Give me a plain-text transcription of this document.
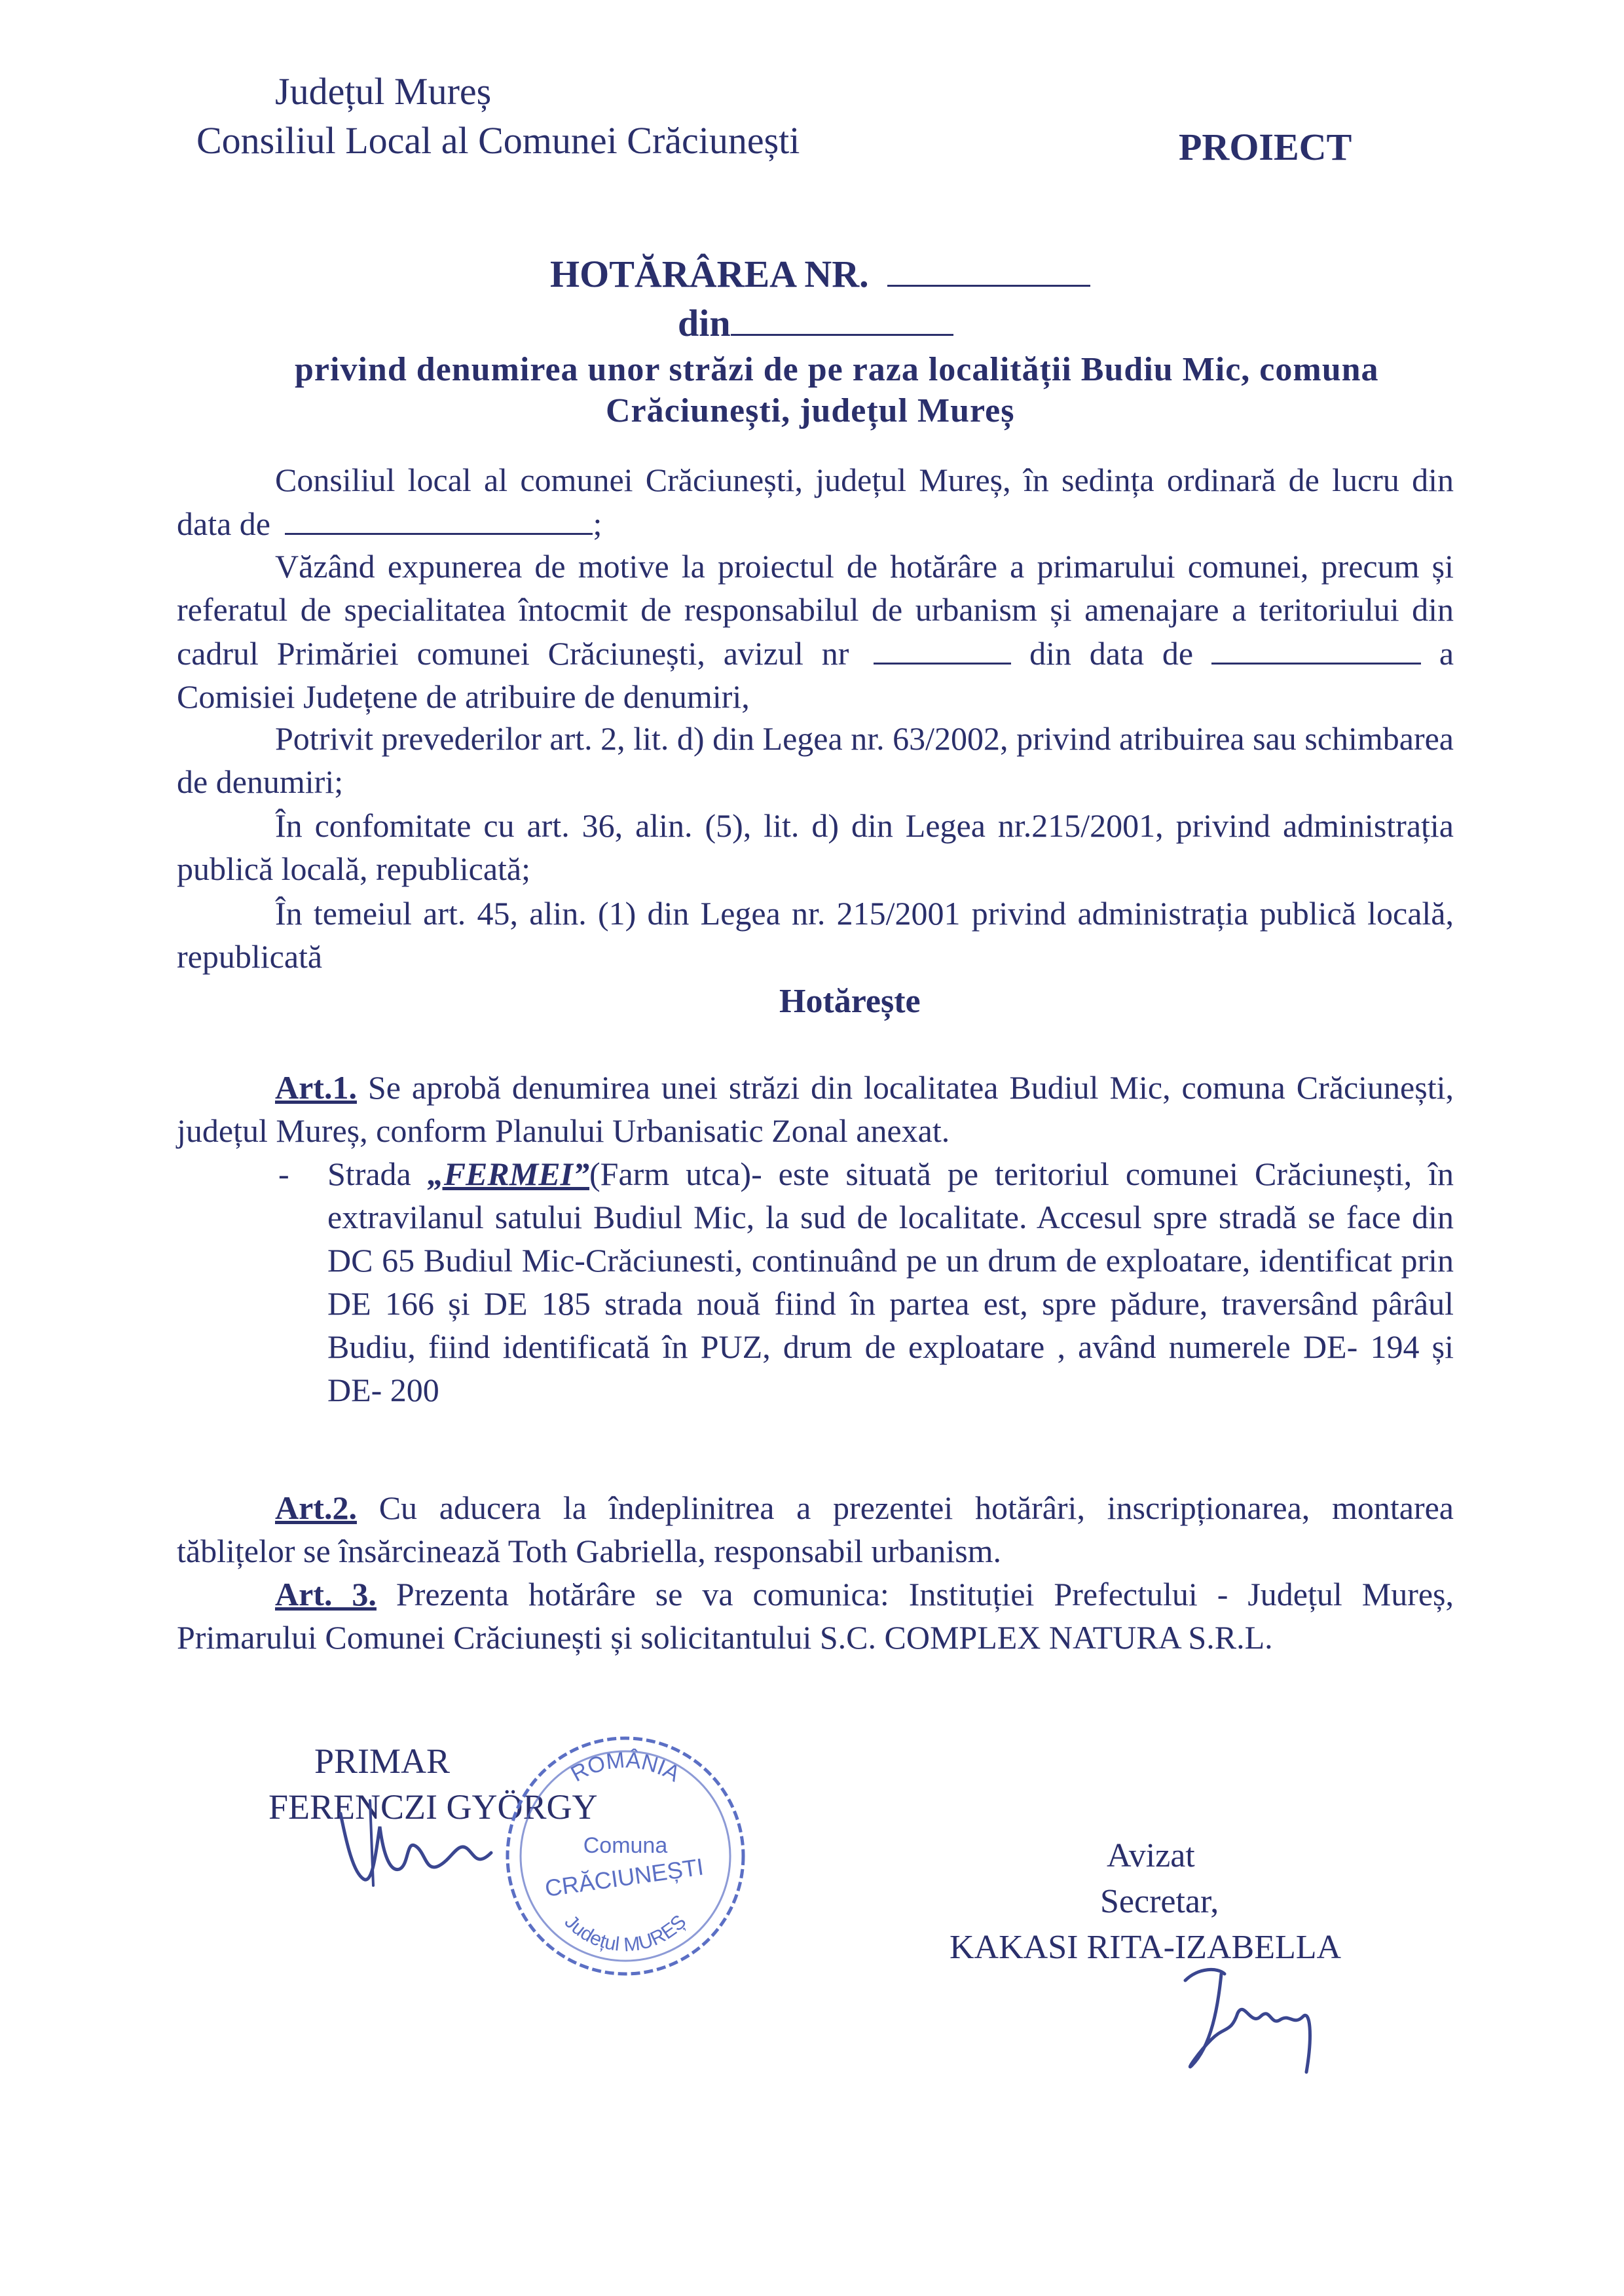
Județul Mureș
Consiliul Local al Comunei Crăciunești	PROIECT
HOTĂRÂREA NR.
din
privind denumirea unor străzi de pe raza localității Budiu Mic, comuna
Crăciunești, județul Mureș
Consiliul local al comunei Crăciunești, județul Mureș, în sedința ordinară de lucru din data de	;
Văzând expunerea de motive la proiectul de hotărâre a primarului comunei, precum și referatul de specialitatea întocmit de responsabilul de urbanism și amenajare a teritoriului din cadrul Primăriei comunei Crăciunești, avizul nr	din data de	a Comisiei Județene de atribuire de denumiri,
Potrivit prevederilor art. 2, lit. d) din Legea nr. 63/2002, privind atribuirea sau schimbarea de denumiri;
În confomitate cu art. 36, alin. (5), lit. d) din Legea nr.215/2001, privind administrația publică locală, republicată;
În temeiul art. 45, alin. (1) din Legea nr. 215/2001 privind administrația publică locală, republicată
Hotărește
Art.1. Se aprobă denumirea unei străzi din localitatea Budiul Mic, comuna Crăciunești, județul Mureș, conform Planului Urbanisatic Zonal anexat.
- Strada „FERMEI”(Farm utca)- este situată pe teritoriul comunei Crăciunești, în extravilanul satului Budiul Mic, la sud de localitate. Accesul spre stradă se face din DC 65 Budiul Mic-Crăciunesti, continuând pe un drum de exploatare, identificat prin DE 166 și DE 185 strada nouă fiind în partea est, spre pădure, traversând pârâul Budiu, fiind identificată în PUZ, drum de exploatare , având numerele DE- 194 și DE- 200
Art.2. Cu aducera la îndeplinitrea a prezentei hotărâri, inscripționarea, montarea tăblițelor se însărcinează Toth Gabriella, responsabil urbanism.
Art. 3. Prezenta hotărâre se va comunica: Instituției Prefectului - Județul Mureș, Primarului Comunei Crăciunești și solicitantului S.C. COMPLEX NATURA S.R.L.
PRIMAR
FERENCZI GYÖRGY
Avizat
Secretar,
KAKASI RITA-IZABELLA
ROMÂNIA
Comuna
CRĂCIUNEȘTI
Județul MUREȘ
